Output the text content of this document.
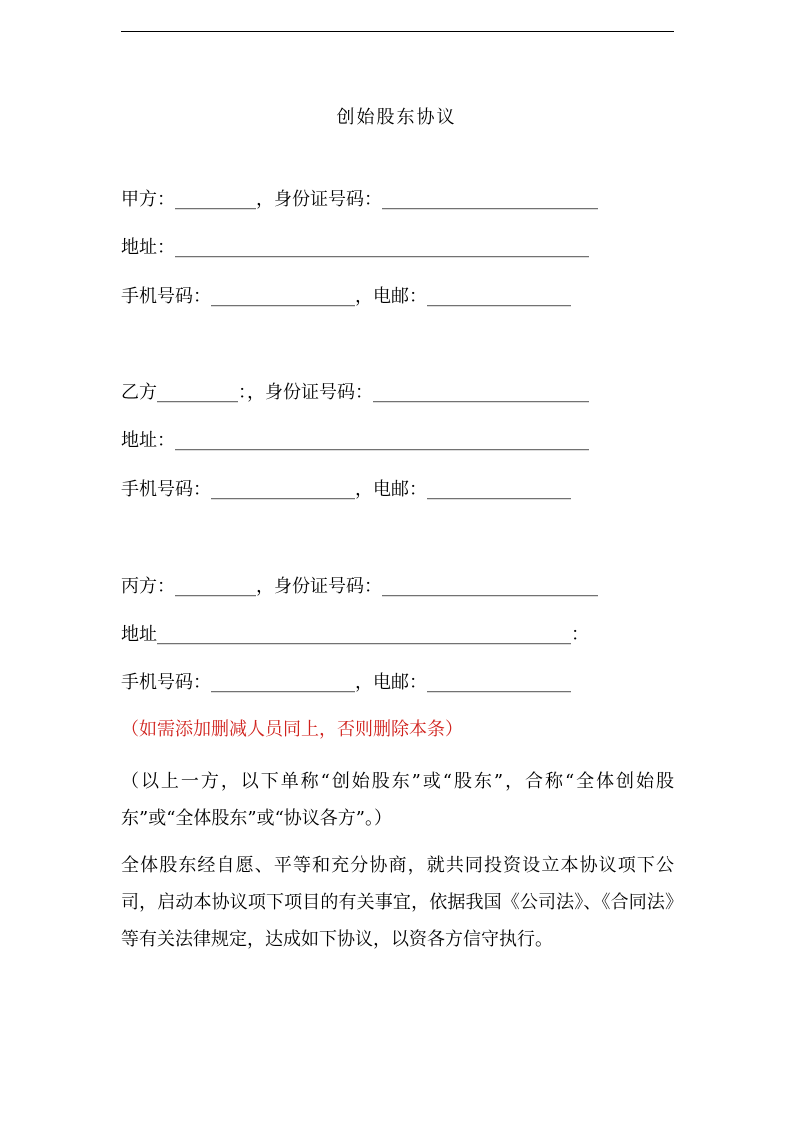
创始股东协议
甲方：_________，身份证号码：________________________
地址：______________________________________________
手机号码：________________，电邮：________________
乙方_________：，身份证号码：________________________
地址：______________________________________________
手机号码：________________，电邮：________________
丙方：_________，身份证号码：________________________
地址______________________________________________：
手机号码：________________，电邮：________________
（如需添加删减人员同上，否则删除本条）
（以上一方，以下单称“创始股东”或“股东”，合称“全体创始股东”或“全体股东”或“协议各方”。）
全体股东经自愿、平等和充分协商，就共同投资设立本协议项下公司，启动本协议项下项目的有关事宜，依据我国《公司法》、《合同法》等有关法律规定，达成如下协议，以资各方信守执行。
